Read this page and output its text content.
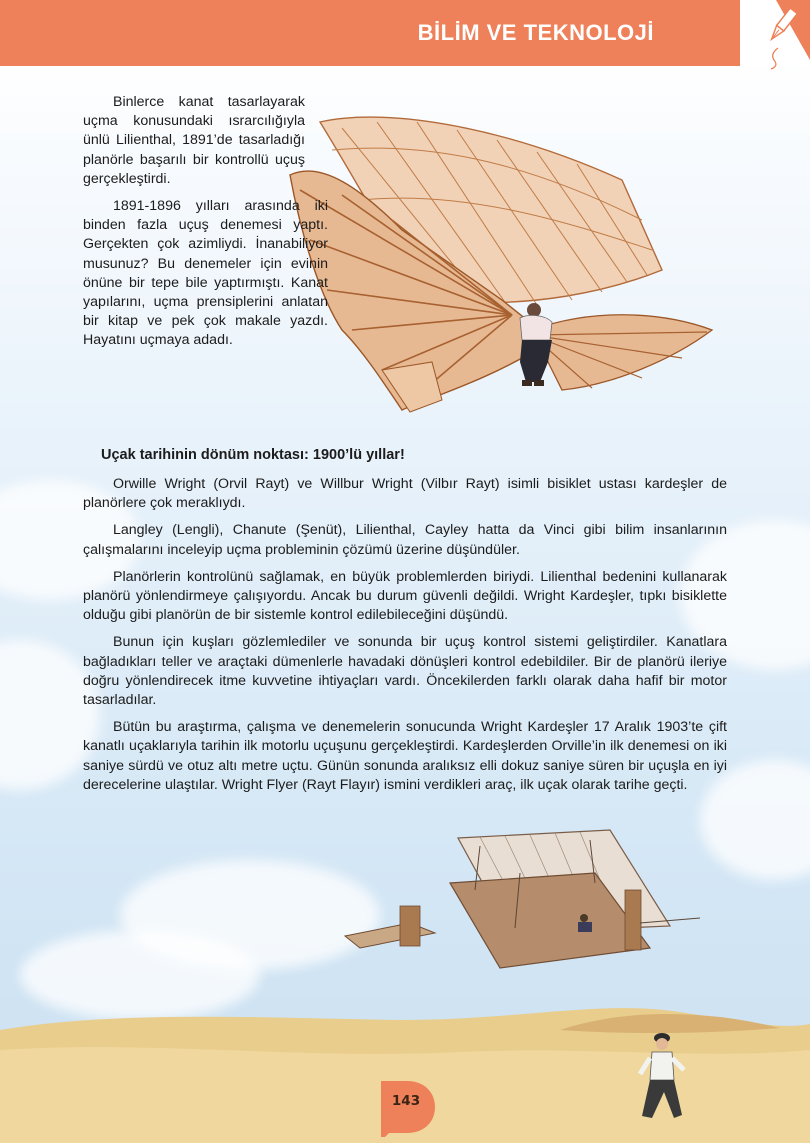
BİLİM VE TEKNOLOJİ

Binlerce kanat tasarlayarak uçma konusundaki ısrarcılığıyla ünlü Lilienthal, 1891’de tasarladığı planörle başarılı bir kontrollü uçuş gerçekleştirdi.

1891-1896 yılları arasında iki binden fazla uçuş denemesi yaptı. Gerçekten çok azimliydi. İnanabiliyor musunuz? Bu denemeler için evinin önüne bir tepe bile yaptırmıştı. Kanat yapılarını, uçma prensiplerini anlatan bir kitap ve pek çok makale yazdı. Hayatını uçmaya adadı.

Uçak tarihinin dönüm noktası: 1900’lü yıllar!

Orwille Wright (Orvil Rayt) ve Willbur Wright (Vilbır Rayt) isimli bisiklet ustası kardeşler de planörlere çok meraklıydı.

Langley (Lengli), Chanute (Şenüt), Lilienthal, Cayley hatta da Vinci gibi bilim insanlarının çalışmalarını inceleyip uçma probleminin çözümü üzerine düşündüler.

Planörlerin kontrolünü sağlamak, en büyük problemlerden biriydi. Lilienthal bedenini kullanarak planörü yönlendirmeye çalışıyordu. Ancak bu durum güvenli değildi. Wright Kardeşler, tıpkı bisiklette olduğu gibi planörün de bir sistemle kontrol edilebileceğini düşündü.

Bunun için kuşları gözlemlediler ve sonunda bir uçuş kontrol sistemi geliştirdiler. Kanatlara bağladıkları teller ve araçtaki dümenlerle havadaki dönüşleri kontrol edebildiler. Bir de planörü ileriye doğru yönlendirecek itme kuvvetine ihtiyaçları vardı. Öncekilerden farklı olarak daha hafif bir motor tasarladılar.

Bütün bu araştırma, çalışma ve denemelerin sonucunda Wright Kardeşler 17 Aralık 1903’te çift kanatlı uçaklarıyla tarihin ilk motorlu uçuşunu gerçekleştirdi. Kardeşlerden Orville’in ilk denemesi on iki saniye sürdü ve otuz altı metre uçtu. Günün sonunda aralıksız elli dokuz saniye süren bir uçuşla en iyi derecelerine ulaştılar. Wright Flyer (Rayt Flayır) ismini verdikleri araç, ilk uçak olarak tarihe geçti.

143
